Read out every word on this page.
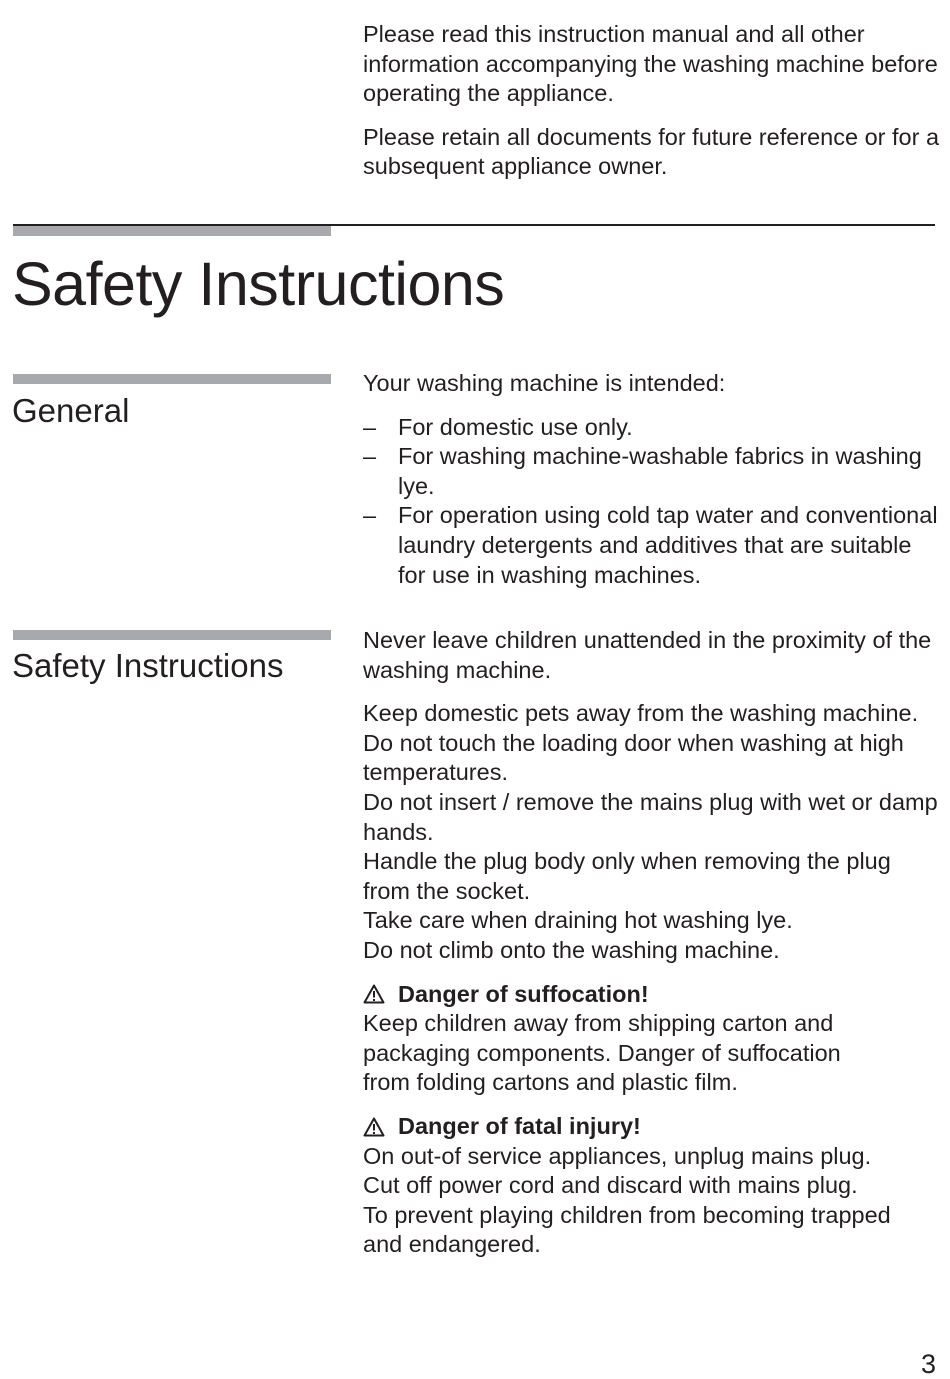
Please read this instruction manual and all other information accompanying the washing machine before operating the appliance.

Please retain all documents for future reference or for a subsequent appliance owner.

Safety Instructions
General

Your washing machine is intended:

– For domestic use only.
– For washing machine-washable fabrics in washing lye.
– For operation using cold tap water and conventional laundry detergents and additives that are suitable for use in washing machines.
Safety Instructions

Never leave children unattended in the proximity of the washing machine.

Keep domestic pets away from the washing machine.

Do not touch the loading door when washing at high temperatures.

Do not insert / remove the mains plug with wet or damp hands.

Handle the plug body only when removing the plug from the socket.

Take care when draining hot washing lye.

Do not climb onto the washing machine.

Danger of suffocation!

Keep children away from shipping carton and

packaging components. Danger of suffocation

from folding cartons and plastic film.

Danger of fatal injury!

On out-of service appliances, unplug mains plug.

Cut off power cord and discard with mains plug.

To prevent playing children from becoming trapped

and endangered.

3
